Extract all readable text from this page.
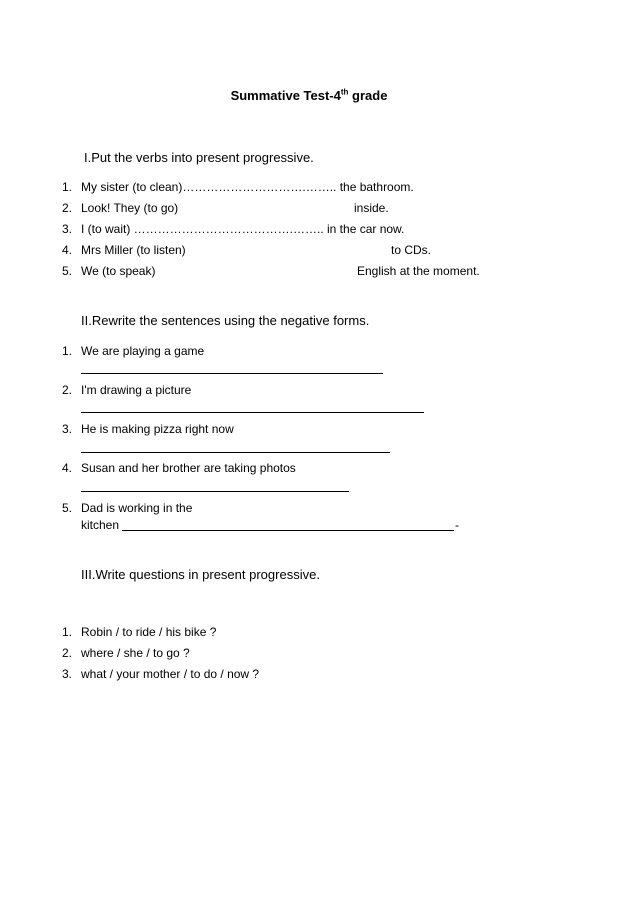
Summative Test-4th grade
I.Put the verbs into present progressive.
1. My sister (to clean)………………………….…….. the bathroom.
2. Look! They (to go)	inside.
3. I (to wait) ………………………………….…….. in the car now.
4. Mrs Miller (to listen)	to CDs.
5. We (to speak)	English at the moment.
II.Rewrite the sentences using the negative forms.
1. We are playing a game
2. I'm drawing a picture
3. He is making pizza right now
4. Susan and her brother are taking photos
5. Dad is working in the
kitchen	-
III.Write questions in present progressive.
1. Robin / to ride / his bike ?
2. where / she / to go ?
3. what / your mother / to do / now ?
